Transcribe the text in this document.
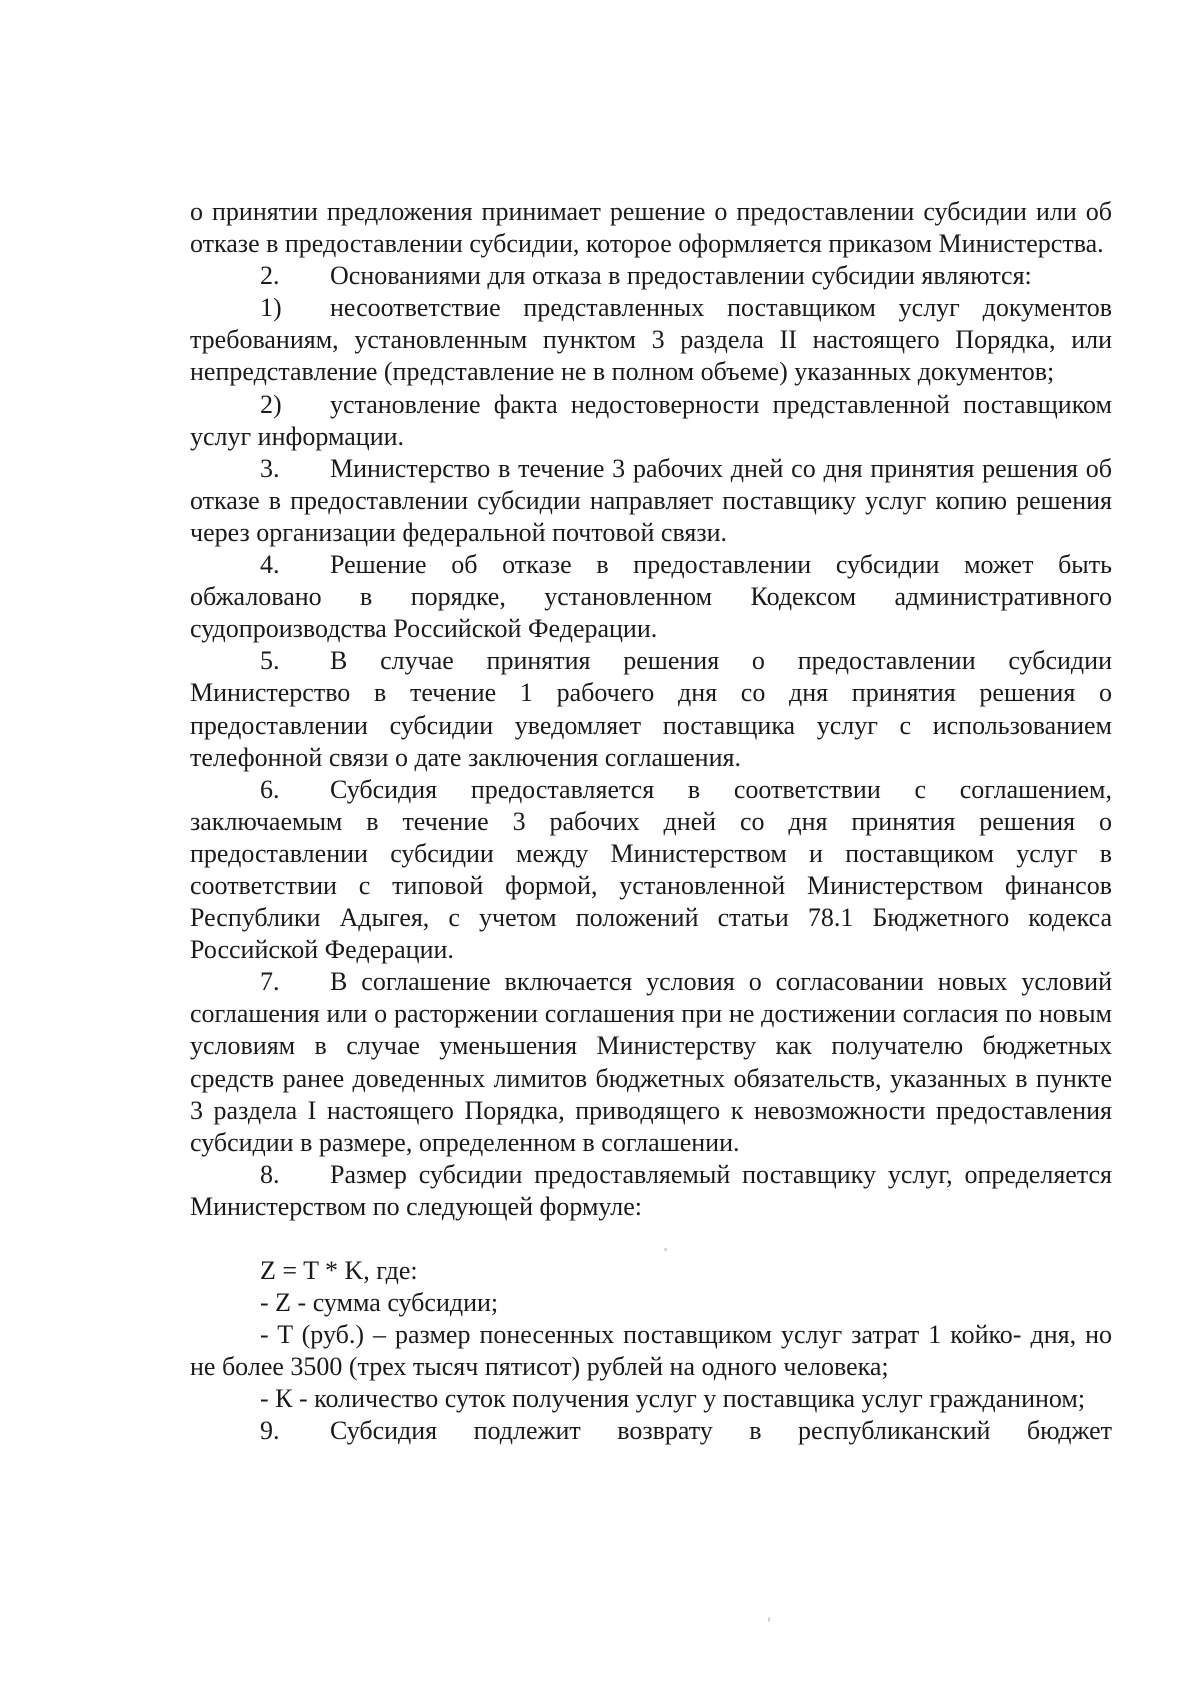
о принятии предложения принимает решение о предоставлении субсидии или об отказе в предоставлении субсидии, которое оформляется приказом Министерства.

2. Основаниями для отказа в предоставлении субсидии являются:

1) несоответствие представленных поставщиком услуг документов требованиям, установленным пунктом 3 раздела II настоящего Порядка, или непредставление (представление не в полном объеме) указанных документов;

2) установление факта недостоверности представленной поставщиком услуг информации.

3. Министерство в течение 3 рабочих дней со дня принятия решения об отказе в предоставлении субсидии направляет поставщику услуг копию решения через организации федеральной почтовой связи.

4. Решение об отказе в предоставлении субсидии может быть обжаловано в порядке, установленном Кодексом административного судопроизводства Российской Федерации.

5. В случае принятия решения о предоставлении субсидии Министерство в течение 1 рабочего дня со дня принятия решения о предоставлении субсидии уведомляет поставщика услуг с использованием телефонной связи о дате заключения соглашения.

6. Субсидия предоставляется в соответствии с соглашением, заключаемым в течение 3 рабочих дней со дня принятия решения о предоставлении субсидии между Министерством и поставщиком услуг в соответствии с типовой формой, установленной Министерством финансов Республики Адыгея, с учетом положений статьи 78.1 Бюджетного кодекса Российской Федерации.

7. В соглашение включается условия о согласовании новых условий соглашения или о расторжении соглашения при не достижении согласия по новым условиям в случае уменьшения Министерству как получателю бюджетных средств ранее доведенных лимитов бюджетных обязательств, указанных в пункте 3 раздела I настоящего Порядка, приводящего к невозможности предоставления субсидии в размере, определенном в соглашении.

8. Размер субсидии предоставляемый поставщику услуг, определяется Министерством по следующей формуле:

Z = T * K, где:

- Z - сумма субсидии;

- T (руб.) – размер понесенных поставщиком услуг затрат 1 койко- дня, но не более 3500 (трех тысяч пятисот) рублей на одного человека;

- К - количество суток получения услуг у поставщика услуг гражданином;

9. Субсидия подлежит возврату в республиканский бюджет
